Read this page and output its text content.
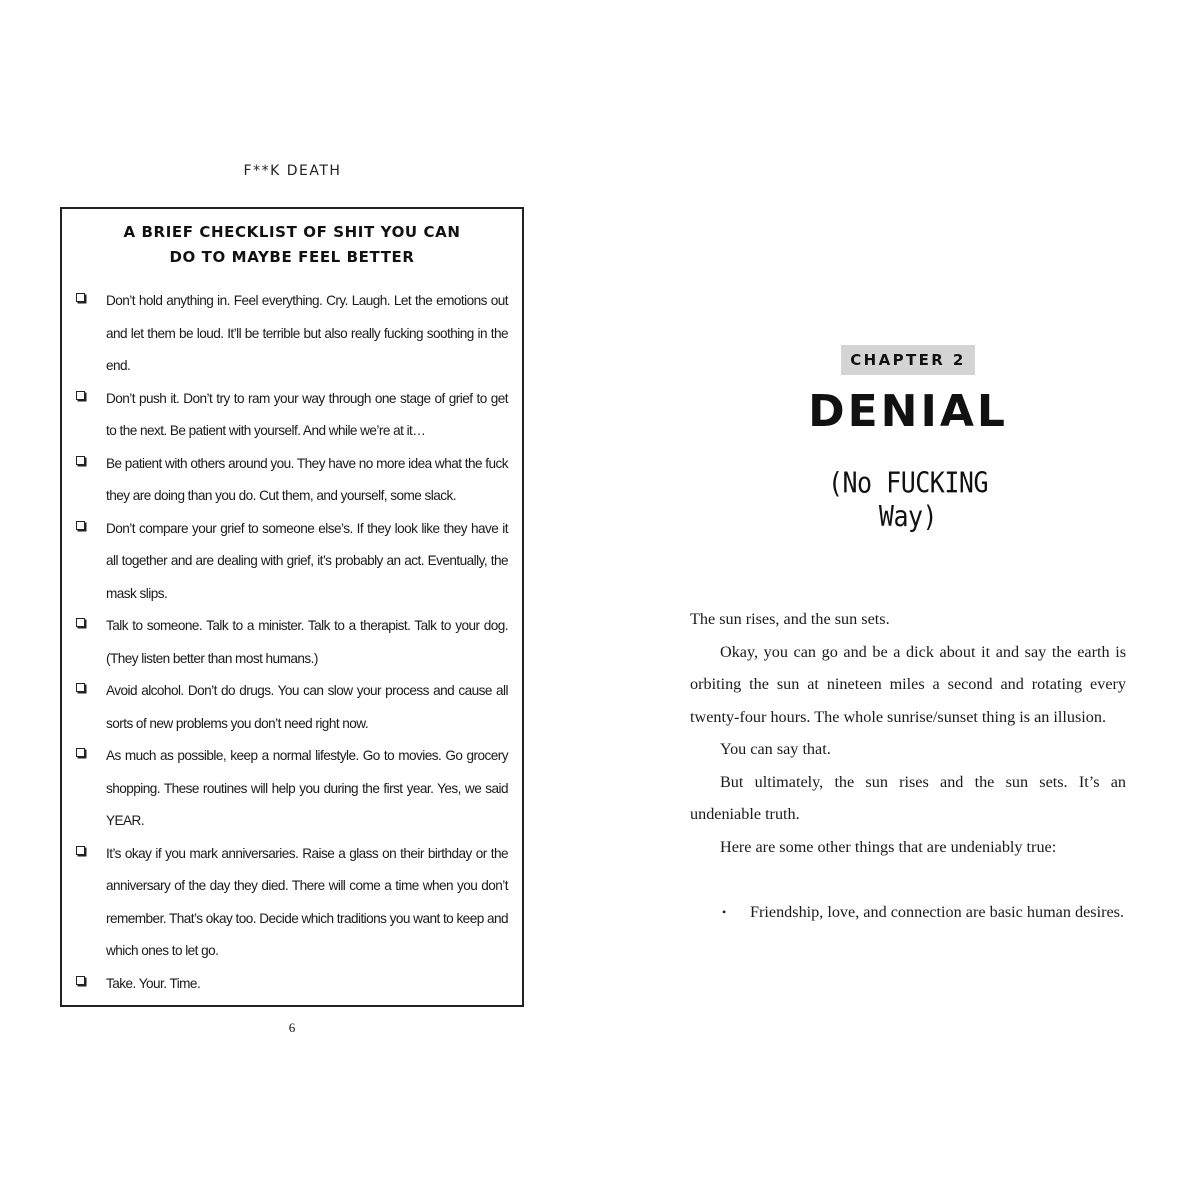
F**K DEATH
A BRIEF CHECKLIST OF SHIT YOU CAN
DO TO MAYBE FEEL BETTER
Don’t hold anything in. Feel everything. Cry. Laugh. Let the emotions out and let them be loud. It’ll be terrible but also really fucking soothing in the end.
Don’t push it. Don’t try to ram your way through one stage of grief to get to the next. Be patient with yourself. And while we’re at it…
Be patient with others around you. They have no more idea what the fuck they are doing than you do. Cut them, and yourself, some slack.
Don’t compare your grief to someone else’s. If they look like they have it all together and are dealing with grief, it’s probably an act. Eventually, the mask slips.
Talk to someone. Talk to a minister. Talk to a therapist. Talk to your dog. (They listen better than most humans.)
Avoid alcohol. Don’t do drugs. You can slow your process and cause all sorts of new problems you don’t need right now.
As much as possible, keep a normal lifestyle. Go to movies. Go grocery shopping. These routines will help you during the first year. Yes, we said YEAR.
It’s okay if you mark anniversaries. Raise a glass on their birthday or the anniversary of the day they died. There will come a time when you don’t remember. That’s okay too. Decide which traditions you want to keep and which ones to let go.
Take. Your. Time.
6
CHAPTER 2
DENIAL
(No FUCKING Way)

The sun rises, and the sun sets.

Okay, you can go and be a dick about it and say the earth is orbiting the sun at nineteen miles a second and rotating every twenty-four hours. The whole sunrise/sunset thing is an illusion.

You can say that.

But ultimately, the sun rises and the sun sets. It’s an undeniable truth.

Here are some other things that are undeniably true:

• Friendship, love, and connection are basic human desires.
